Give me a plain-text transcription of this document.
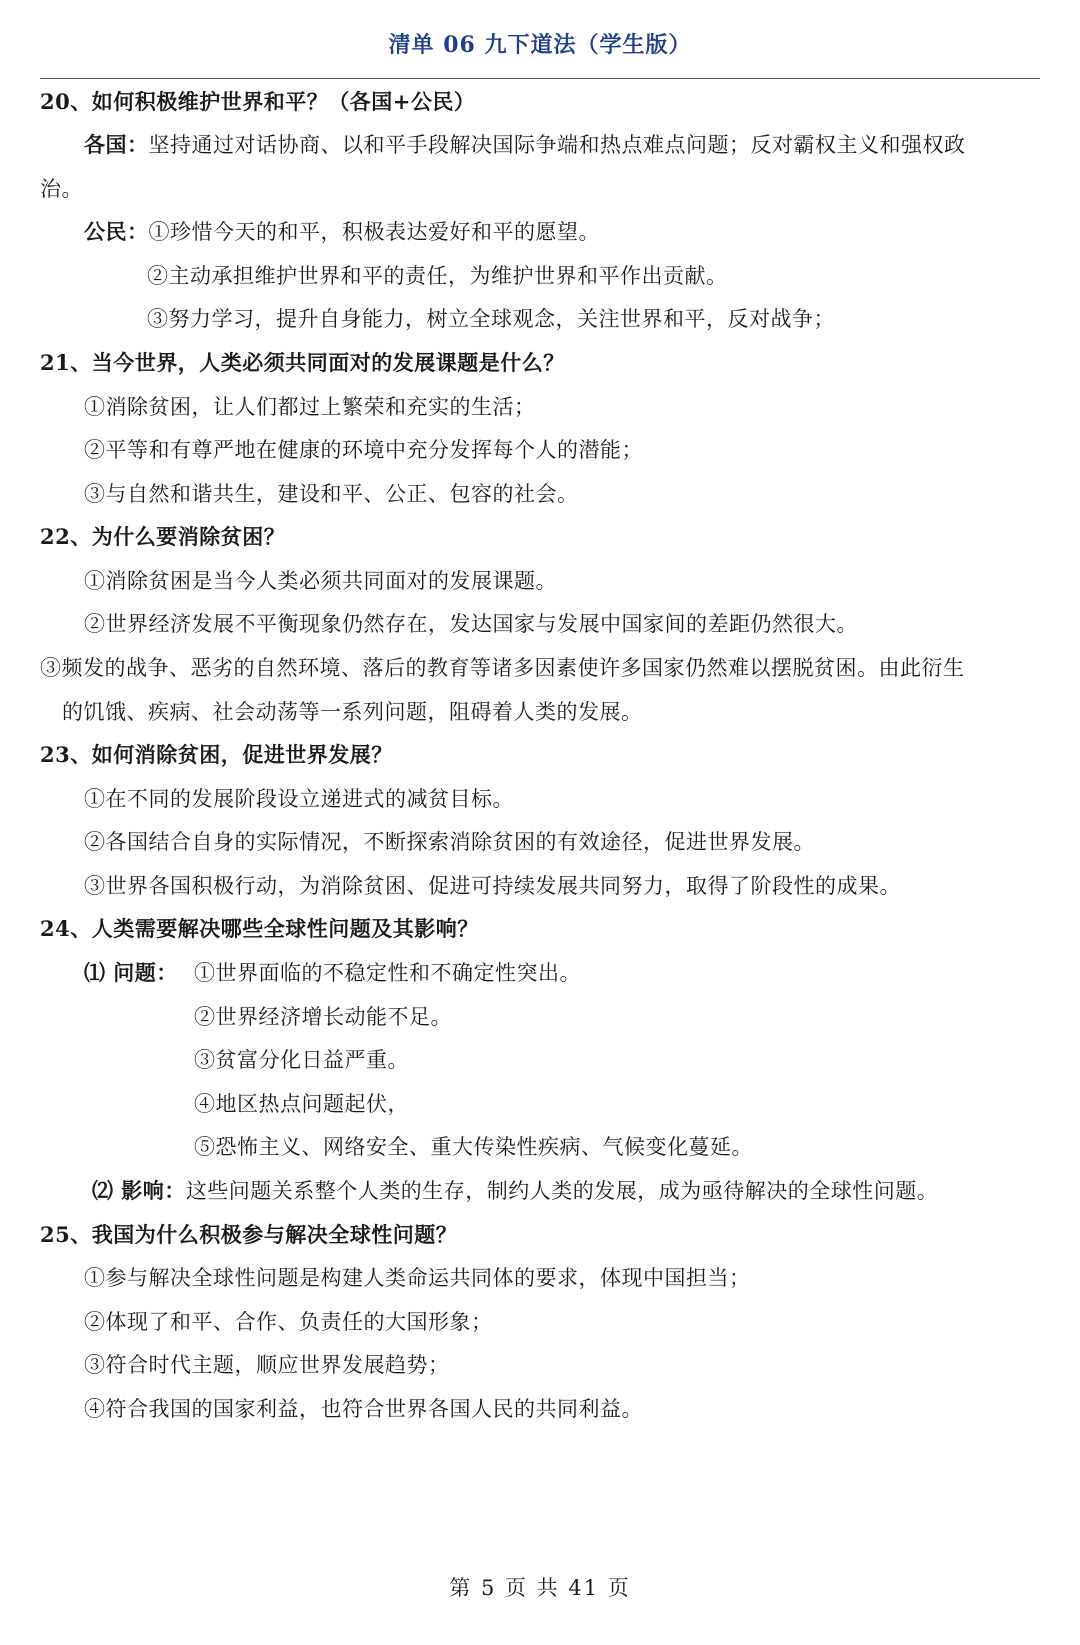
清单 06 九下道法（学生版）
20、如何积极维护世界和平？（各国+公民）
各国：坚持通过对话协商、以和平手段解决国际争端和热点难点问题；反对霸权主义和强权政
治。
公民：①珍惜今天的和平，积极表达爱好和平的愿望。
②主动承担维护世界和平的责任，为维护世界和平作出贡献。
③努力学习，提升自身能力，树立全球观念，关注世界和平，反对战争；
21、当今世界，人类必须共同面对的发展课题是什么？
①消除贫困，让人们都过上繁荣和充实的生活；
②平等和有尊严地在健康的环境中充分发挥每个人的潜能；
③与自然和谐共生，建设和平、公正、包容的社会。
22、为什么要消除贫困？
①消除贫困是当今人类必须共同面对的发展课题。
②世界经济发展不平衡现象仍然存在，发达国家与发展中国家间的差距仍然很大。
③频发的战争、恶劣的自然环境、落后的教育等诸多因素使许多国家仍然难以摆脱贫困。由此衍生
的饥饿、疾病、社会动荡等一系列问题，阻碍着人类的发展。
23、如何消除贫困，促进世界发展？
①在不同的发展阶段设立递进式的减贫目标。
②各国结合自身的实际情况，不断探索消除贫困的有效途径，促进世界发展。
③世界各国积极行动，为消除贫困、促进可持续发展共同努力，取得了阶段性的成果。
24、人类需要解决哪些全球性问题及其影响？
⑴ 问题： ①世界面临的不稳定性和不确定性突出。
②世界经济增长动能不足。
③贫富分化日益严重。
④地区热点问题起伏，
⑤恐怖主义、网络安全、重大传染性疾病、气候变化蔓延。
⑵ 影响：这些问题关系整个人类的生存，制约人类的发展，成为亟待解决的全球性问题。
25、我国为什么积极参与解决全球性问题？
①参与解决全球性问题是构建人类命运共同体的要求，体现中国担当；
②体现了和平、合作、负责任的大国形象；
③符合时代主题，顺应世界发展趋势；
④符合我国的国家利益，也符合世界各国人民的共同利益。
第 5 页 共 41 页
